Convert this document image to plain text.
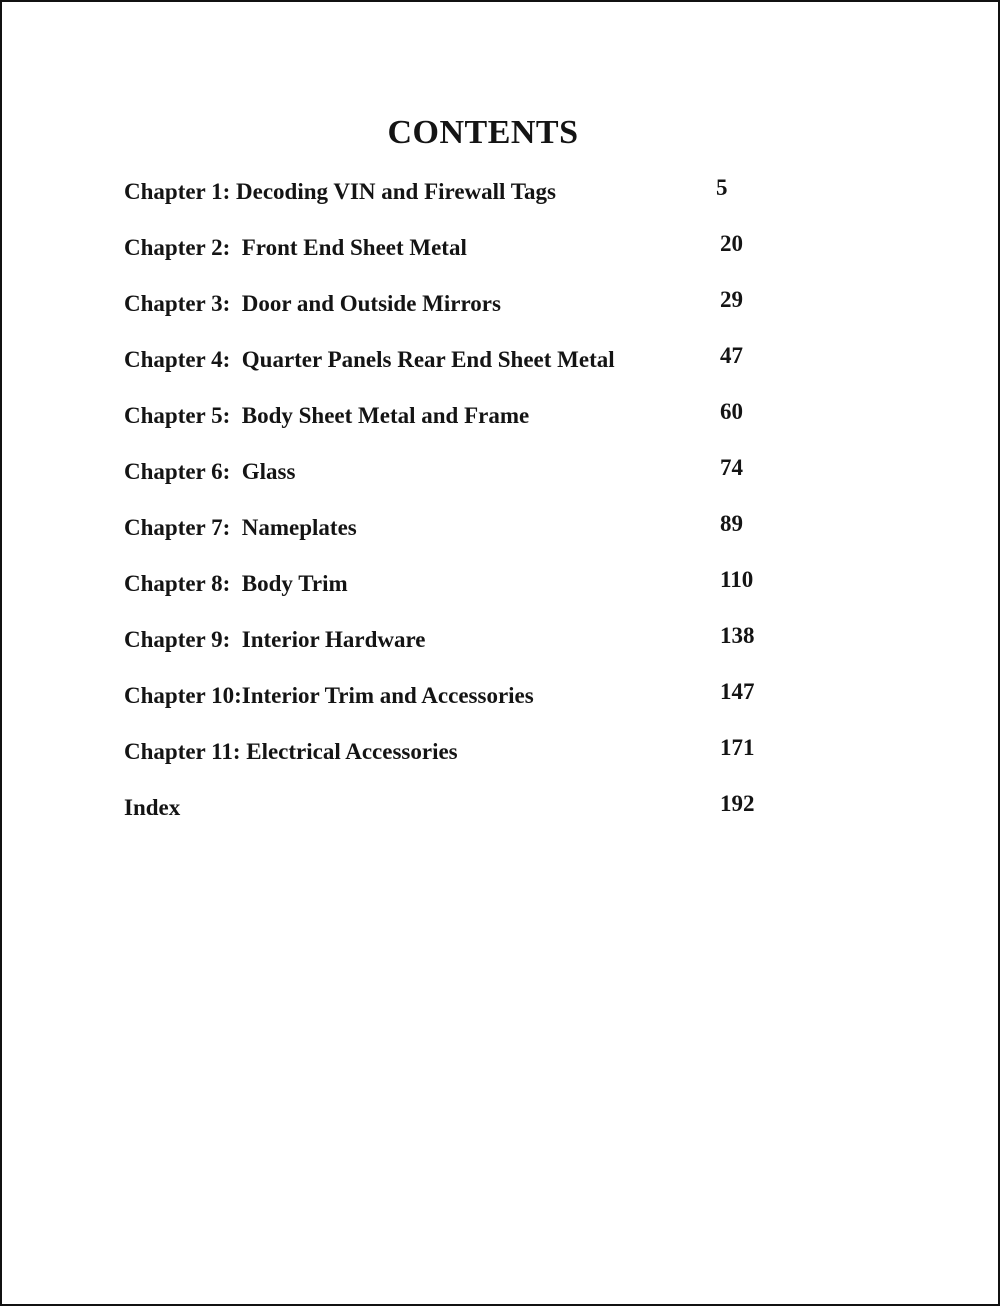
CONTENTS
Chapter 1: Decoding VIN and Firewall Tags	5
Chapter 2:  Front End Sheet Metal	20
Chapter 3:  Door and Outside Mirrors	29
Chapter 4:  Quarter Panels Rear End Sheet Metal	47
Chapter 5:  Body Sheet Metal and Frame	60
Chapter 6:  Glass	74
Chapter 7:  Nameplates	89
Chapter 8:  Body Trim	110
Chapter 9:  Interior Hardware	138
Chapter 10:Interior Trim and Accessories	147
Chapter 11: Electrical Accessories	171
Index	192
